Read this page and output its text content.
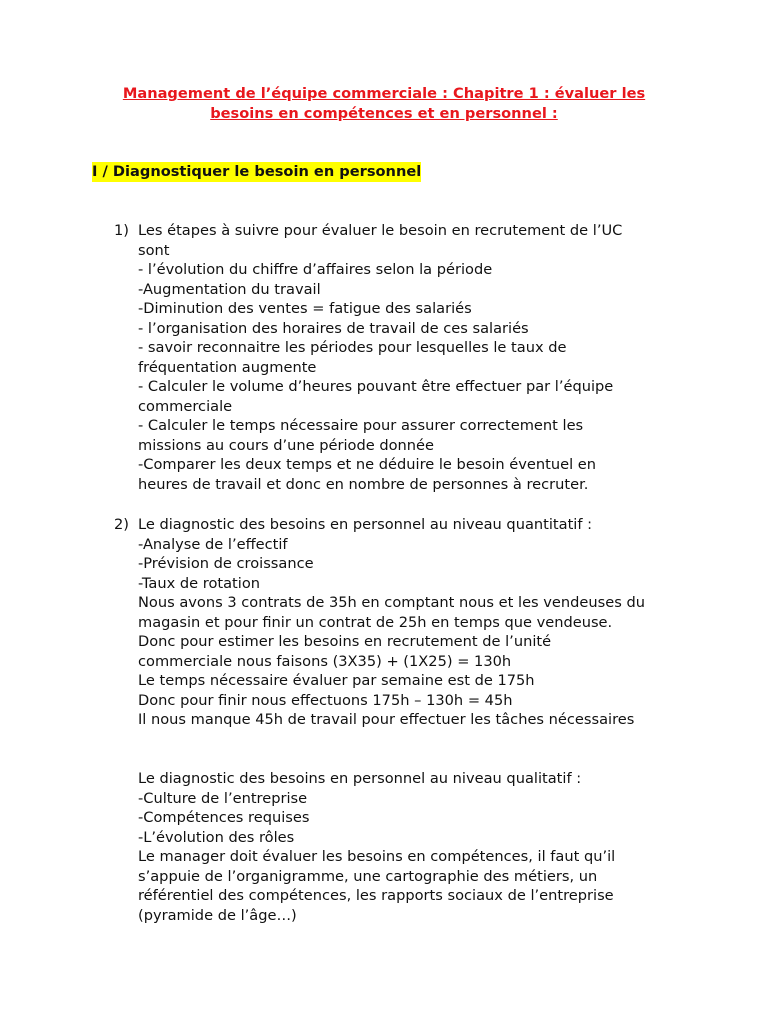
Management de l’équipe commerciale : Chapitre 1 : évaluer les
besoins en compétences et en personnel :
I / Diagnostiquer le besoin en personnel
1) Les étapes à suivre pour évaluer le besoin en recrutement de l’UC
sont
- l’évolution du chiffre d’affaires selon la période
-Augmentation du travail
-Diminution des ventes = fatigue des salariés
- l’organisation des horaires de travail de ces salariés
- savoir reconnaitre les périodes pour lesquelles le taux de
fréquentation augmente
- Calculer le volume d’heures pouvant être effectuer par l’équipe
commerciale
- Calculer le temps nécessaire pour assurer correctement les
missions au cours d’une période donnée
-Comparer les deux temps et ne déduire le besoin éventuel en
heures de travail et donc en nombre de personnes à recruter.
2) Le diagnostic des besoins en personnel au niveau quantitatif :
-Analyse de l’effectif
-Prévision de croissance
-Taux de rotation
Nous avons 3 contrats de 35h en comptant nous et les vendeuses du
magasin et pour finir un contrat de 25h en temps que vendeuse.
Donc pour estimer les besoins en recrutement de l’unité
commerciale nous faisons (3X35) + (1X25) = 130h
Le temps nécessaire évaluer par semaine est de 175h
Donc pour finir nous effectuons 175h – 130h = 45h
Il nous manque 45h de travail pour effectuer les tâches nécessaires
Le diagnostic des besoins en personnel au niveau qualitatif :
-Culture de l’entreprise
-Compétences requises
-L’évolution des rôles
Le manager doit évaluer les besoins en compétences, il faut qu’il
s’appuie de l’organigramme, une cartographie des métiers, un
référentiel des compétences, les rapports sociaux de l’entreprise
(pyramide de l’âge…)
